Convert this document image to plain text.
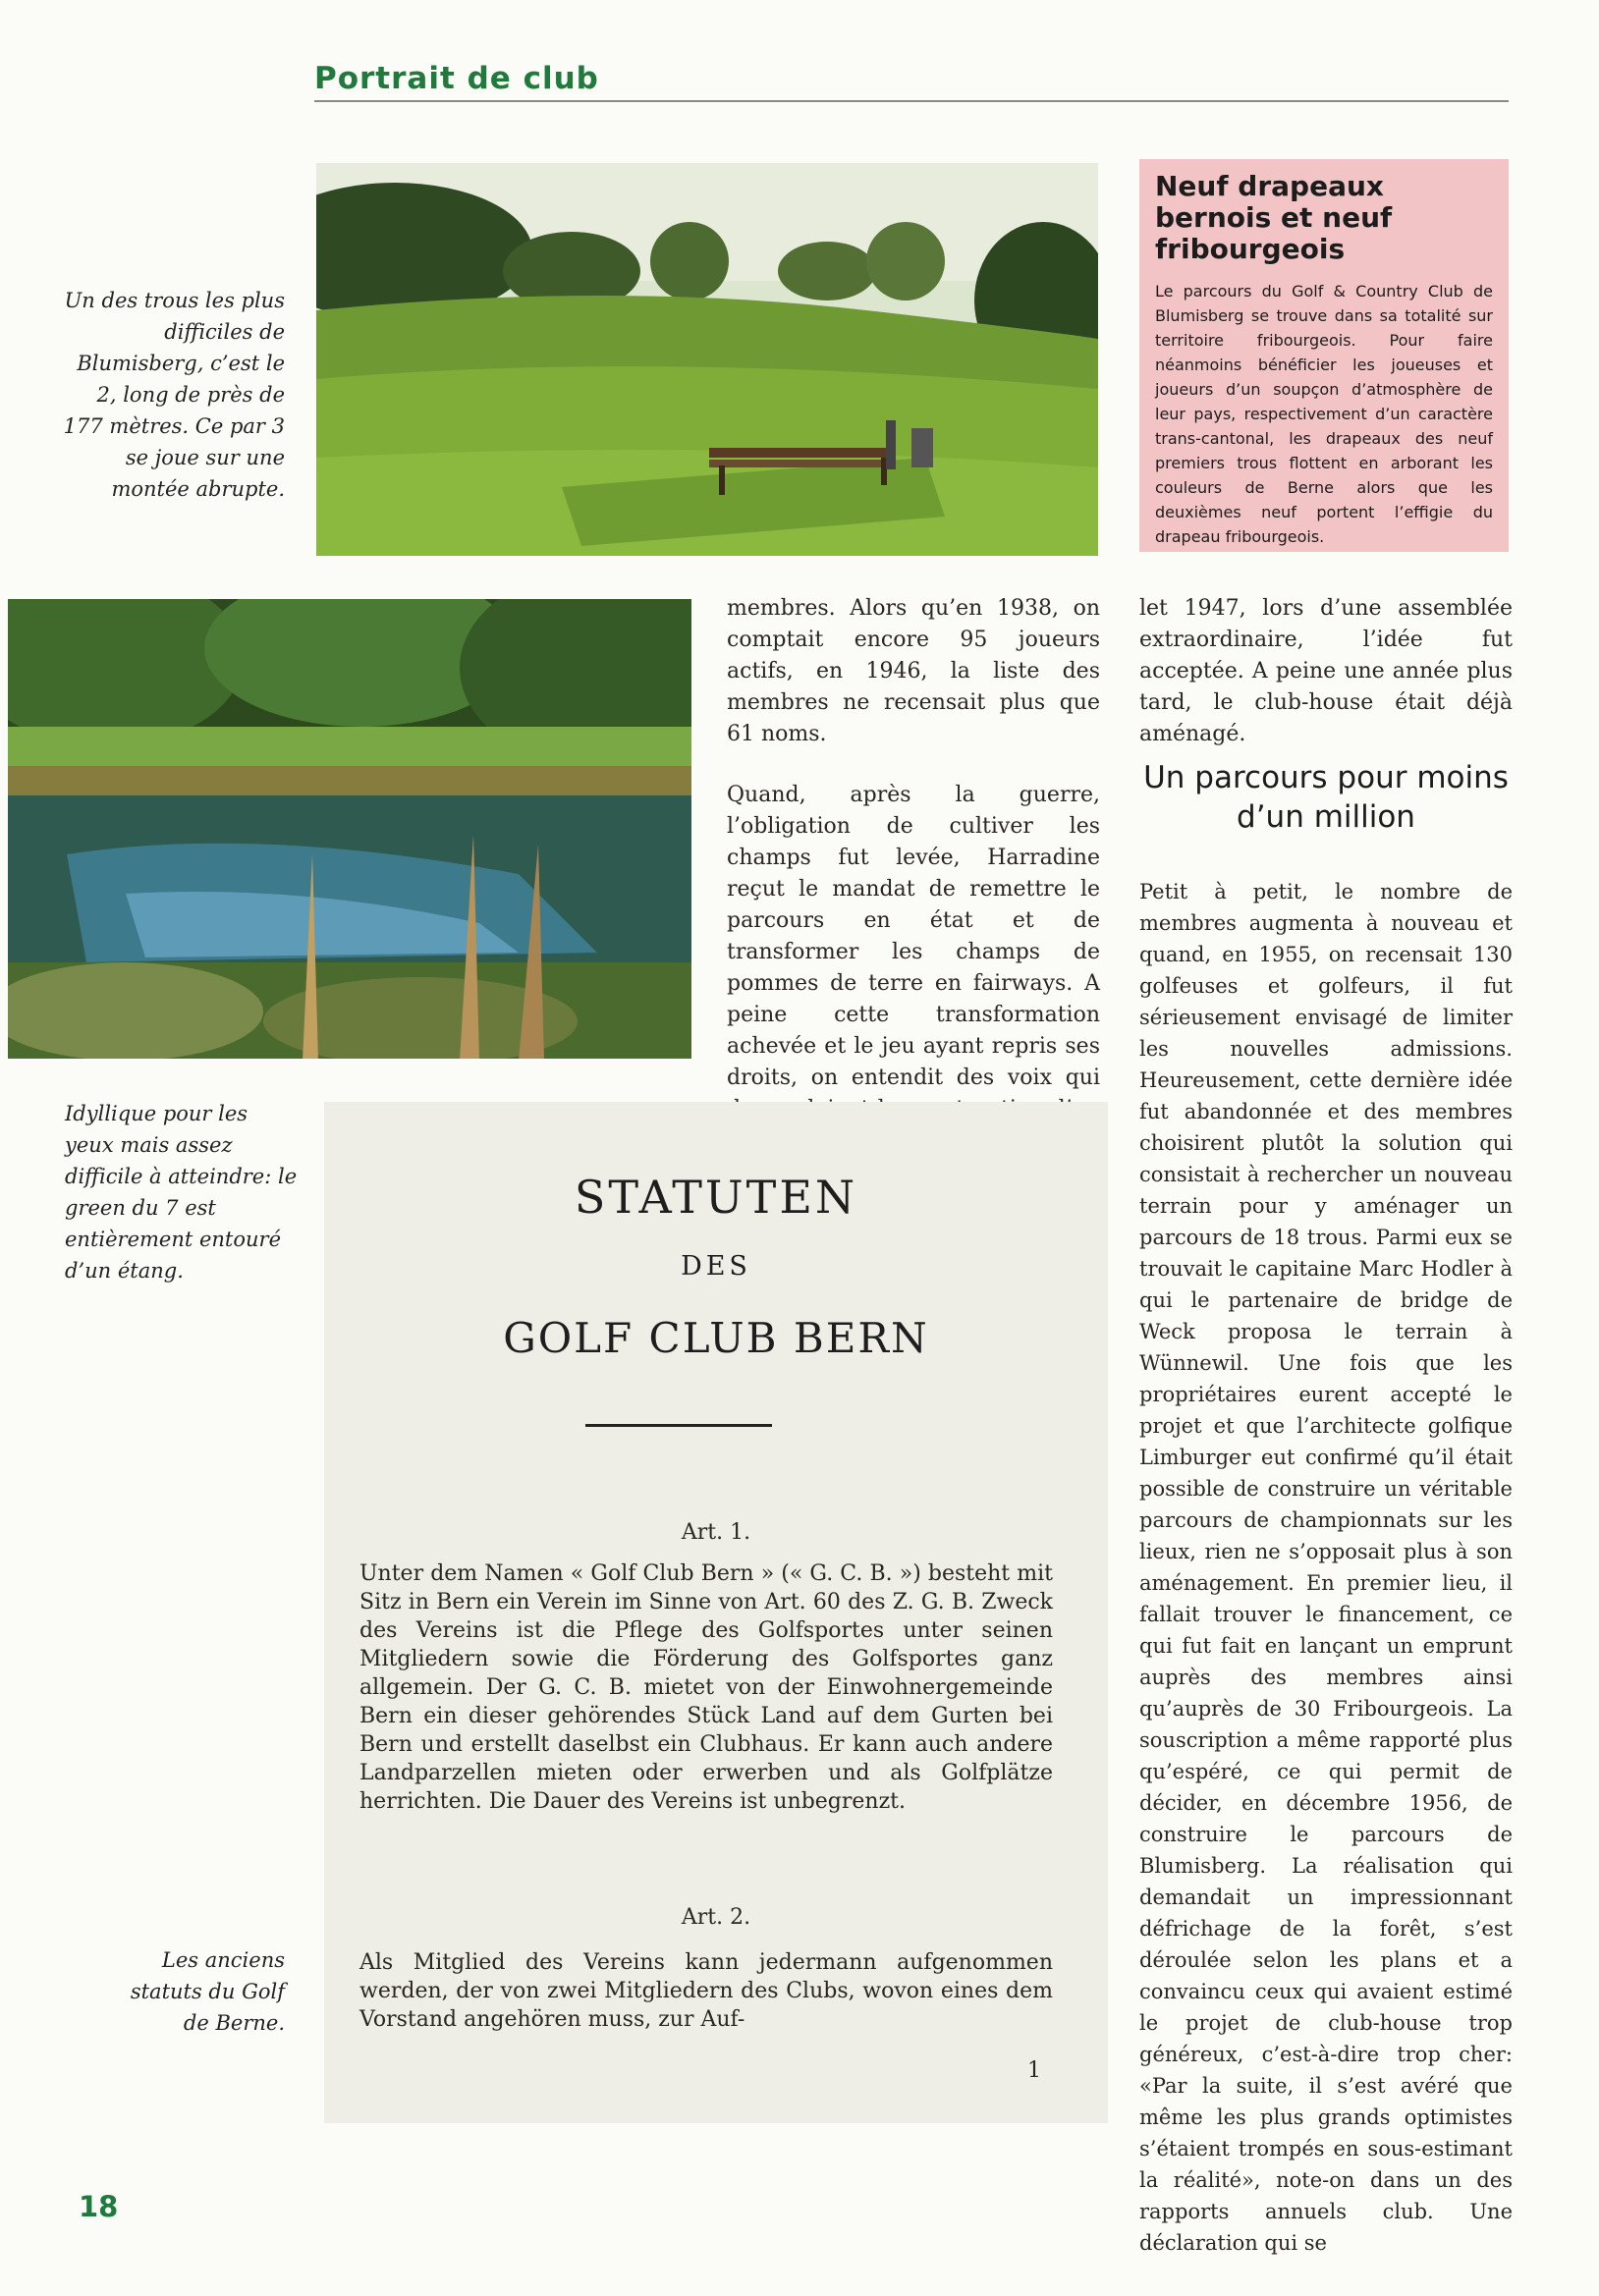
Portrait de club
Un des trous les plus difficiles de Blumisberg, c’est le 2, long de près de 177 mètres. Ce par 3 se joue sur une montée abrupte.
Neuf drapeaux bernois et neuf fribourgeois
Le parcours du Golf & Country Club de Blumisberg se trouve dans sa totalité sur territoire fribourgeois. Pour faire néanmoins bénéficier les joueuses et joueurs d’un soupçon d’atmosphère de leur pays, respectivement d’un caractère trans-cantonal, les drapeaux des neuf premiers trous flottent en arborant les couleurs de Berne alors que les deuxièmes neuf portent l’effigie du drapeau fribourgeois.

membres. Alors qu’en 1938, on comptait encore 95 joueurs actifs, en 1946, la liste des membres ne recensait plus que 61 noms.

Quand, après la guerre, l’obligation de cultiver les champs fut levée, Harradine reçut le mandat de remettre le parcours en état et de transformer les champs de pommes de terre en fairways. A peine cette transformation achevée et le jeu ayant repris ses droits, on entendit des voix qui

let 1947, lors d’une assemblée extraordinaire, l’idée fut acceptée. A peine une année plus tard, le club-house était déjà aménagé.

Un parcours pour moins d’un million

Petit à petit, le nombre de membres augmenta à nouveau et quand, en 1955, on recensait 130 golfeuses et golfeurs, il fut sérieusement envisagé de limiter les nouvelles admissions. Heureusement, cette dernière idée fut abandonnée et des membres choisirent plutôt la solution qui consistait à rechercher un nouveau terrain pour y aménager un parcours de 18 trous. Parmi eux se trouvait le capitaine Marc Hodler à qui le partenaire de bridge de Weck proposa le terrain à Wünnewil. Une fois que les propriétaires eurent accepté le projet et que l’architecte golfique Limburger eut confirmé qu’il était possible de construire un véritable parcours de championnats sur les lieux, rien ne s’opposait plus à son aménagement. En premier lieu, il fallait trouver le financement, ce qui fut fait en lançant un emprunt auprès des membres ainsi qu’auprès de 30 Fribourgeois. La souscription a même rapporté plus qu’espéré, ce qui permit de décider, en décembre 1956, de construire le parcours de Blumisberg. La réalisation qui demandait un impressionnant défrichage de la forêt, s’est déroulée selon les plans et a convaincu ceux qui avaient estimé le projet de club-house trop généreux, c’est-à-dire trop cher: «Par la suite, il s’est avéré que même les plus grands optimistes s’étaient trompés en sous-estimant la réalité», note-on dans un des rapports annuels club. Une déclaration qui se

Idyllique pour les yeux mais assez difficile à atteindre: le green du 7 est entièrement entouré d’un étang.
STATUTEN
DES
GOLF CLUB BERN
Art. 1.
Unter dem Namen « Golf Club Bern » (« G. C. B. ») besteht mit Sitz in Bern ein Verein im Sinne von Art. 60 des Z. G. B. Zweck des Vereins ist die Pflege des Golfsportes unter seinen Mitgliedern sowie die Förderung des Golfsportes ganz allgemein. Der G. C. B. mietet von der Einwohnergemeinde Bern ein dieser gehörendes Stück Land auf dem Gurten bei Bern und erstellt daselbst ein Clubhaus. Er kann auch andere Landparzellen mieten oder erwerben und als Golfplätze herrichten. Die Dauer des Vereins ist unbegrenzt.
Art. 2.
Als Mitglied des Vereins kann jedermann aufgenommen werden, der von zwei Mitgliedern des Clubs, wovon eines dem Vorstand angehören muss, zur Auf-
1
Les anciens statuts du Golf de Berne.
18
